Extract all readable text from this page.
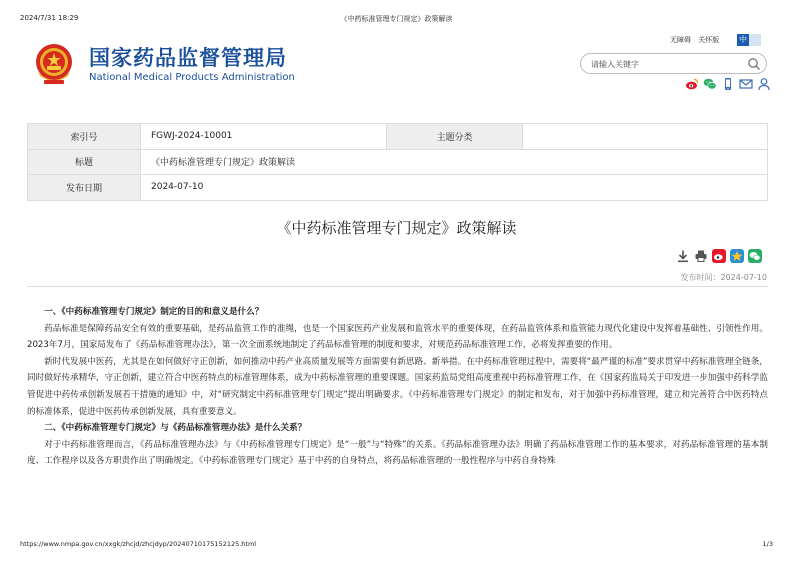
2024/7/31 18:29	《中药标准管理专门规定》政策解读
国家药品监督管理局
National Medical Products Administration
无障碍 关怀版	中
请输入关键字
索引号	FGWJ-2024-10001	主题分类	
标题	《中药标准管理专门规定》政策解读		
发布日期	2024-07-10		
《中药标准管理专门规定》政策解读
发布时间：2024-07-10

一、《中药标准管理专门规定》制定的目的和意义是什么？

药品标准是保障药品安全有效的重要基础，是药品监管工作的准绳，也是一个国家医药产业发展和监管水平的重要体现，在药品监管体系和监管能力现代化建设中发挥着基础性、引领性作用。2023年7月，国家局发布了《药品标准管理办法》，第一次全面系统地制定了药品标准管理的制度和要求，对规范药品标准管理工作，必将发挥重要的作用。

新时代发展中医药，尤其是在如何做好守正创新，如何推动中药产业高质量发展等方面需要有新思路、新举措。在中药标准管理过程中，需要将“最严谨的标准”要求贯穿中药标准管理全链条，同时做好传承精华，守正创新，建立符合中医药特点的标准管理体系，成为中药标准管理的重要课题。国家药监局党组高度重视中药标准管理工作，在《国家药监局关于印发进一步加强中药科学监管促进中药传承创新发展若干措施的通知》中，对“研究制定中药标准管理专门规定”提出明确要求。《中药标准管理专门规定》的制定和发布，对于加强中药标准管理，建立和完善符合中医药特点的标准体系，促进中医药传承创新发展，具有重要意义。

二、《中药标准管理专门规定》与《药品标准管理办法》是什么关系？

对于中药标准管理而言，《药品标准管理办法》与《中药标准管理专门规定》是“一般”与“特殊”的关系。《药品标准管理办法》明确了药品标准管理工作的基本要求，对药品标准管理的基本制度、工作程序以及各方职责作出了明确规定。《中药标准管理专门规定》基于中药的自身特点，将药品标准管理的一般性程序与中药自身特殊

https://www.nmpa.gov.cn/xxgk/zhcjd/zhcjdyp/20240710175152125.html	1/3
